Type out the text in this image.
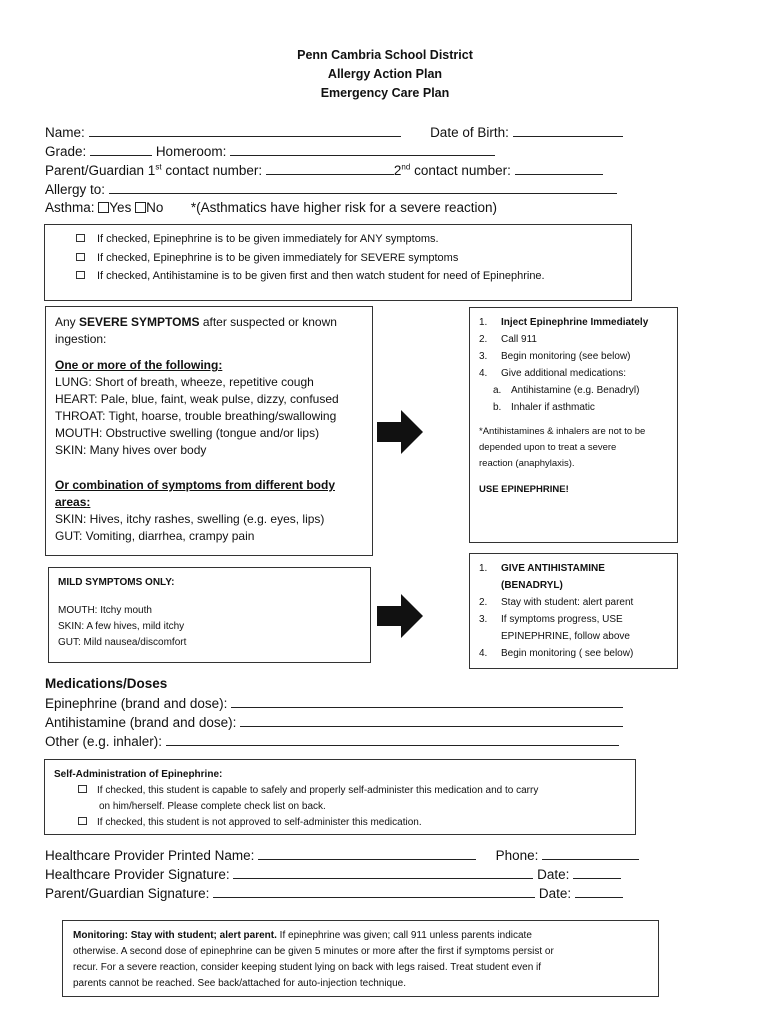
Penn Cambria School District
Allergy Action Plan
Emergency Care Plan
Name:	Date of Birth:
Grade:	Homeroom:
Parent/Guardian 1st contact number:	2nd contact number:
Allergy to:
Asthma: Yes No *(Asthmatics have higher risk for a severe reaction)
If checked, Epinephrine is to be given immediately for ANY symptoms.
If checked, Epinephrine is to be given immediately for SEVERE symptoms
If checked, Antihistamine is to be given first and then watch student for need of Epinephrine.
Any SEVERE SYMPTOMS after suspected or known
ingestion:
One or more of the following:
LUNG: Short of breath, wheeze, repetitive cough
HEART: Pale, blue, faint, weak pulse, dizzy, confused
THROAT: Tight, hoarse, trouble breathing/swallowing
MOUTH: Obstructive swelling (tongue and/or lips)
SKIN: Many hives over body
Or combination of symptoms from different body
areas:
SKIN: Hives, itchy rashes, swelling (e.g. eyes, lips)
GUT: Vomiting, diarrhea, crampy pain
1. Inject Epinephrine Immediately
2. Call 911
3. Begin monitoring (see below)
4. Give additional medications:
a. Antihistamine (e.g. Benadryl)
b. Inhaler if asthmatic
*Antihistamines & inhalers are not to be
depended upon to treat a severe
reaction (anaphylaxis).
USE EPINEPHRINE!
MILD SYMPTOMS ONLY:
MOUTH: Itchy mouth
SKIN: A few hives, mild itchy
GUT: Mild nausea/discomfort
1. GIVE ANTIHISTAMINE
(BENADRYL)
2. Stay with student: alert parent
3. If symptoms progress, USE
EPINEPHRINE, follow above
4. Begin monitoring ( see below)
Medications/Doses
Epinephrine (brand and dose):
Antihistamine (brand and dose):
Other (e.g. inhaler):
Self-Administration of Epinephrine:
If checked, this student is capable to safely and properly self-administer this medication and to carry
on him/herself. Please complete check list on back.
If checked, this student is not approved to self-administer this medication.
Healthcare Provider Printed Name:	Phone:
Healthcare Provider Signature:	Date:
Parent/Guardian Signature:	Date:
Monitoring: Stay with student; alert parent. If epinephrine was given; call 911 unless parents indicate
otherwise. A second dose of epinephrine can be given 5 minutes or more after the first if symptoms persist or
recur. For a severe reaction, consider keeping student lying on back with legs raised. Treat student even if
parents cannot be reached. See back/attached for auto-injection technique.
